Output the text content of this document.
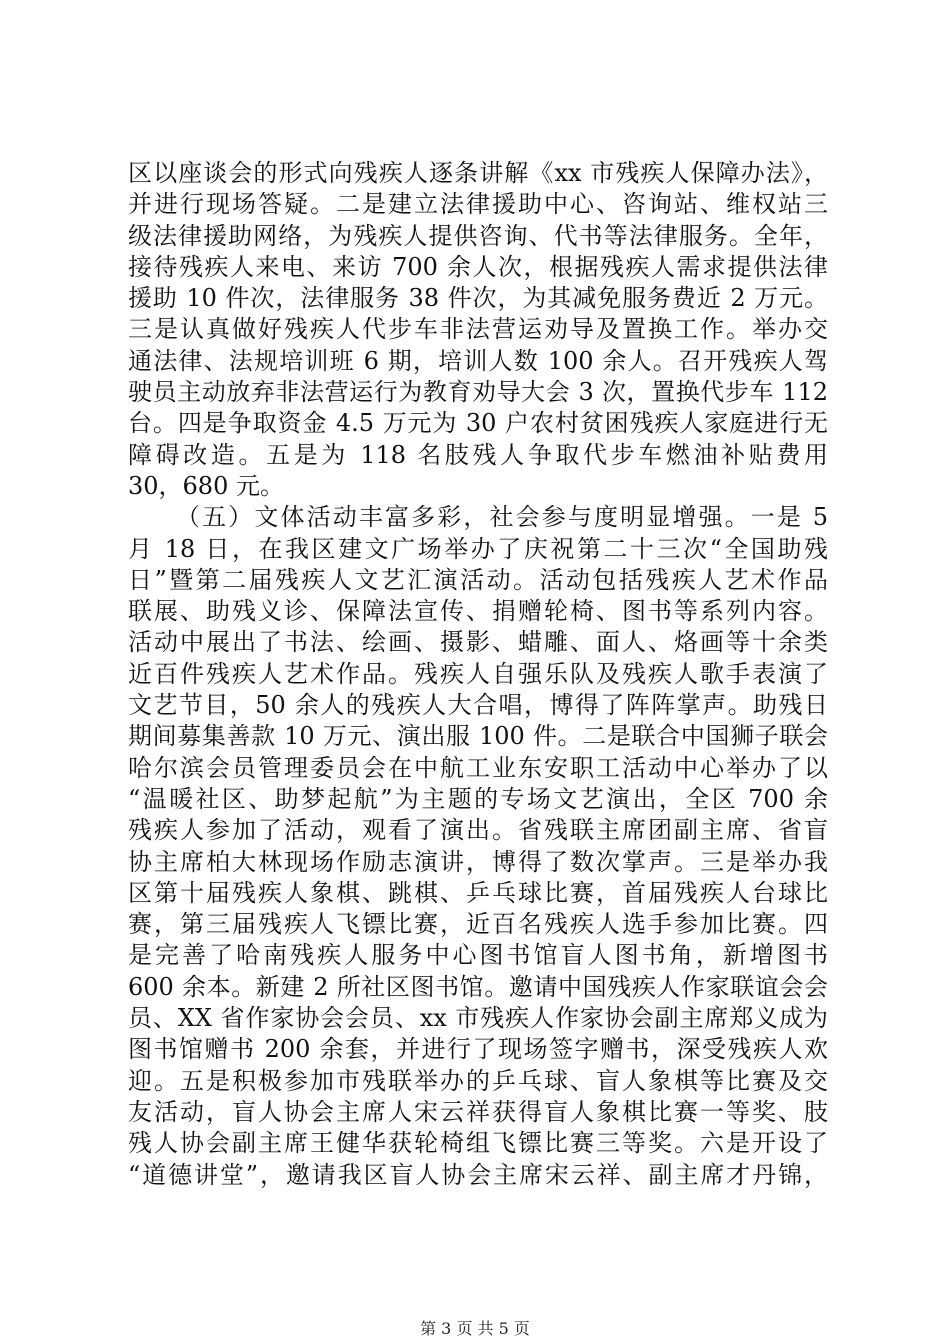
区以座谈会的形式向残疾人逐条讲解《xx 市残疾人保障办法》，
并进行现场答疑。二是建立法律援助中心、咨询站、维权站三
级法律援助网络，为残疾人提供咨询、代书等法律服务。全年，
接待残疾人来电、来访 700 余人次，根据残疾人需求提供法律
援助 10 件次，法律服务 38 件次，为其减免服务费近 2 万元。
三是认真做好残疾人代步车非法营运劝导及置换工作。举办交
通法律、法规培训班 6 期，培训人数 100 余人。召开残疾人驾
驶员主动放弃非法营运行为教育劝导大会 3 次，置换代步车 112
台。四是争取资金 4.5 万元为 30 户农村贫困残疾人家庭进行无
障碍改造。五是为 118 名肢残人争取代步车燃油补贴费用
30，680 元。
（五）文体活动丰富多彩，社会参与度明显增强。一是 5
月 18 日，在我区建文广场举办了庆祝第二十三次“全国助残
日”暨第二届残疾人文艺汇演活动。活动包括残疾人艺术作品
联展、助残义诊、保障法宣传、捐赠轮椅、图书等系列内容。
活动中展出了书法、绘画、摄影、蜡雕、面人、烙画等十余类
近百件残疾人艺术作品。残疾人自强乐队及残疾人歌手表演了
文艺节目，50 余人的残疾人大合唱，博得了阵阵掌声。助残日
期间募集善款 10 万元、演出服 100 件。二是联合中国狮子联会
哈尔滨会员管理委员会在中航工业东安职工活动中心举办了以
“温暖社区、助梦起航”为主题的专场文艺演出，全区 700 余
残疾人参加了活动，观看了演出。省残联主席团副主席、省盲
协主席柏大林现场作励志演讲，博得了数次掌声。三是举办我
区第十届残疾人象棋、跳棋、乒乓球比赛，首届残疾人台球比
赛，第三届残疾人飞镖比赛，近百名残疾人选手参加比赛。四
是完善了哈南残疾人服务中心图书馆盲人图书角，新增图书
600 余本。新建 2 所社区图书馆。邀请中国残疾人作家联谊会会
员、XX 省作家协会会员、xx 市残疾人作家协会副主席郑义成为
图书馆赠书 200 余套，并进行了现场签字赠书，深受残疾人欢
迎。五是积极参加市残联举办的乒乓球、盲人象棋等比赛及交
友活动，盲人协会主席人宋云祥获得盲人象棋比赛一等奖、肢
残人协会副主席王健华获轮椅组飞镖比赛三等奖。六是开设了
“道德讲堂”，邀请我区盲人协会主席宋云祥、副主席才丹锦，
第 3 页 共 5 页
